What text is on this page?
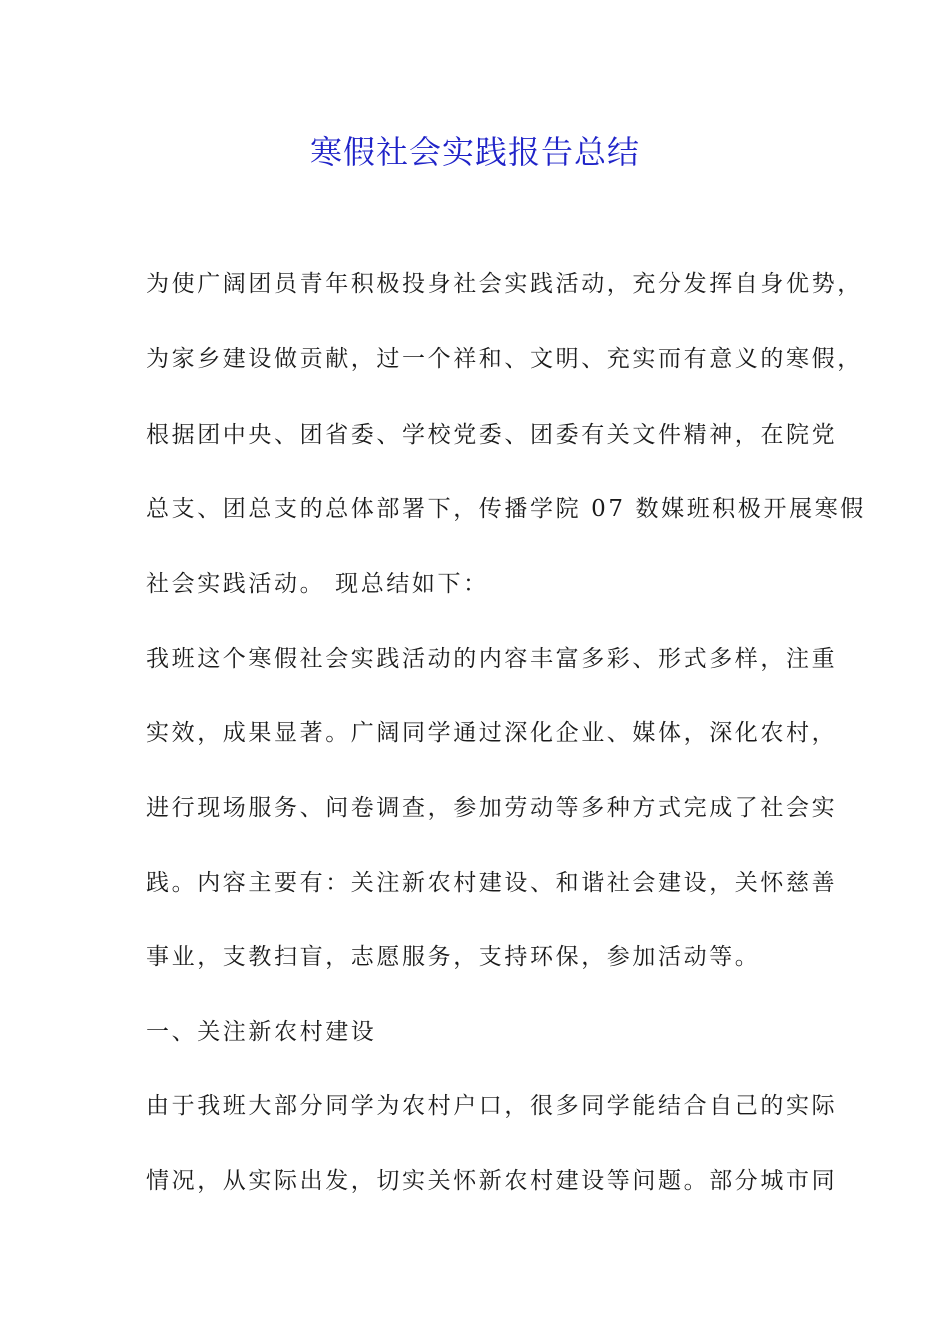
寒假社会实践报告总结
为使广阔团员青年积极投身社会实践活动，充分发挥自身优势，
为家乡建设做贡献，过一个祥和、文明、充实而有意义的寒假，
根据团中央、团省委、学校党委、团委有关文件精神，在院党
总支、团总支的总体部署下，传播学院 07 数媒班积极开展寒假
社会实践活动。 现总结如下：
我班这个寒假社会实践活动的内容丰富多彩、形式多样，注重
实效，成果显著。广阔同学通过深化企业、媒体，深化农村，
进行现场服务、问卷调查，参加劳动等多种方式完成了社会实
践。内容主要有：关注新农村建设、和谐社会建设，关怀慈善
事业，支教扫盲，志愿服务，支持环保，参加活动等。
一、关注新农村建设
由于我班大部分同学为农村户口，很多同学能结合自己的实际
情况，从实际出发，切实关怀新农村建设等问题。部分城市同
